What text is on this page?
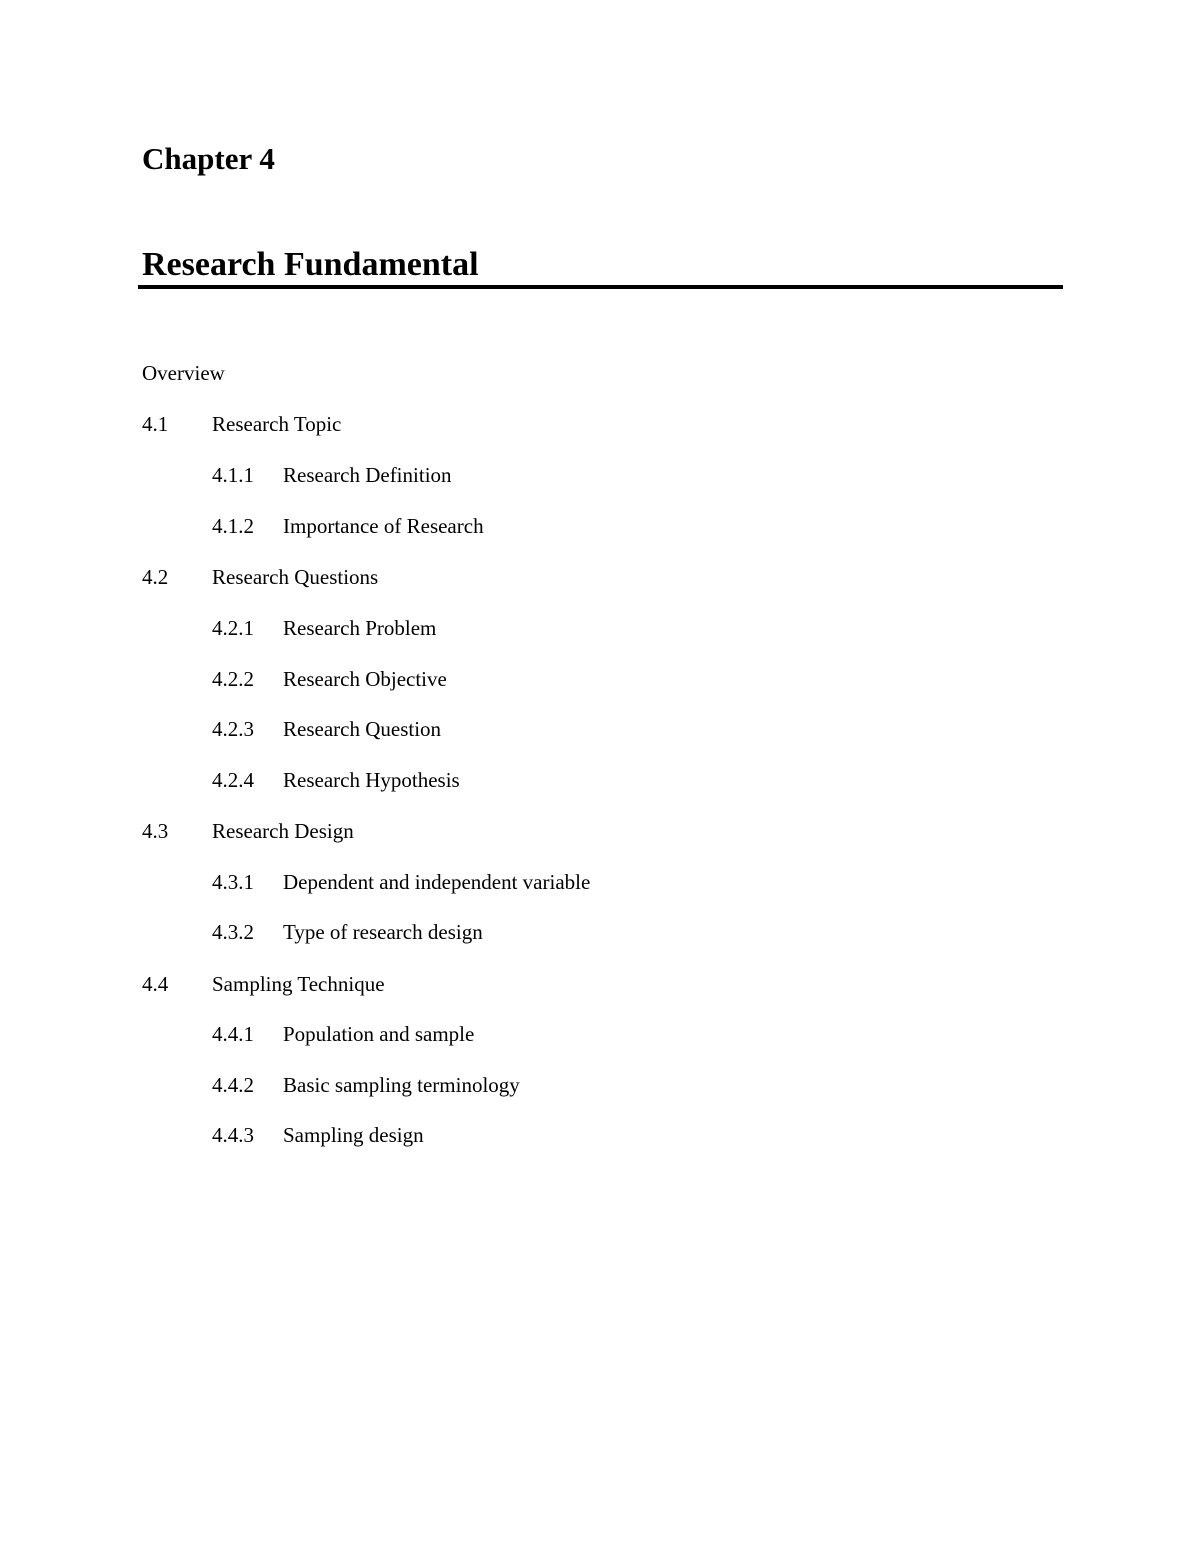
Chapter 4
Research Fundamental
Overview
4.1 Research Topic
4.1.1 Research Definition
4.1.2 Importance of Research
4.2 Research Questions
4.2.1 Research Problem
4.2.2 Research Objective
4.2.3 Research Question
4.2.4 Research Hypothesis
4.3 Research Design
4.3.1 Dependent and independent variable
4.3.2 Type of research design
4.4 Sampling Technique
4.4.1 Population and sample
4.4.2 Basic sampling terminology
4.4.3 Sampling design
